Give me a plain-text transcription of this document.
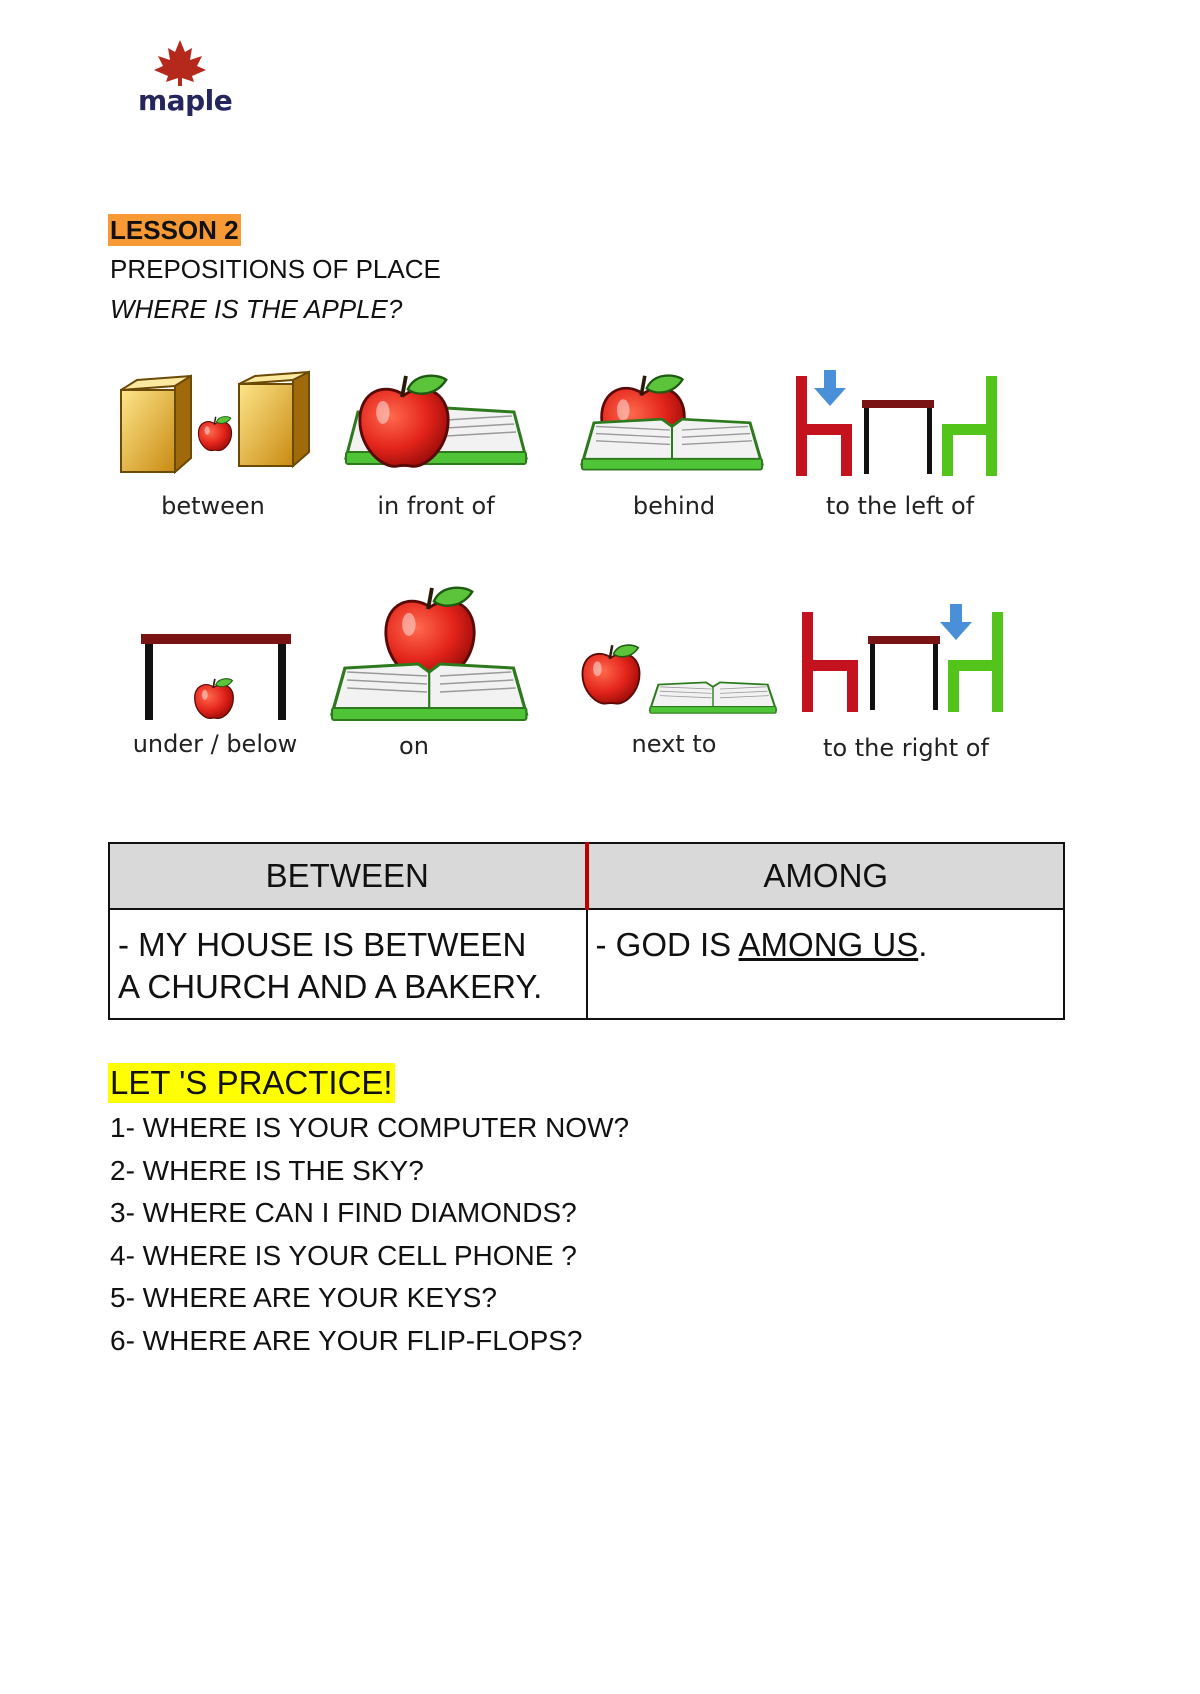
maple
LESSON 2
PREPOSITIONS OF PLACE
WHERE IS THE APPLE?
between	in front of	behind	to the left of
under / below	on	next to	to the right of
BETWEEN	AMONG
- MY HOUSE IS BETWEEN
A CHURCH AND A BAKERY.	- GOD IS AMONG US.
LET 'S PRACTICE!
1- WHERE IS YOUR COMPUTER NOW?
2- WHERE IS THE SKY?
3- WHERE CAN I FIND DIAMONDS?
4- WHERE IS YOUR CELL PHONE ?
5- WHERE ARE YOUR KEYS?
6- WHERE ARE YOUR FLIP-FLOPS?
